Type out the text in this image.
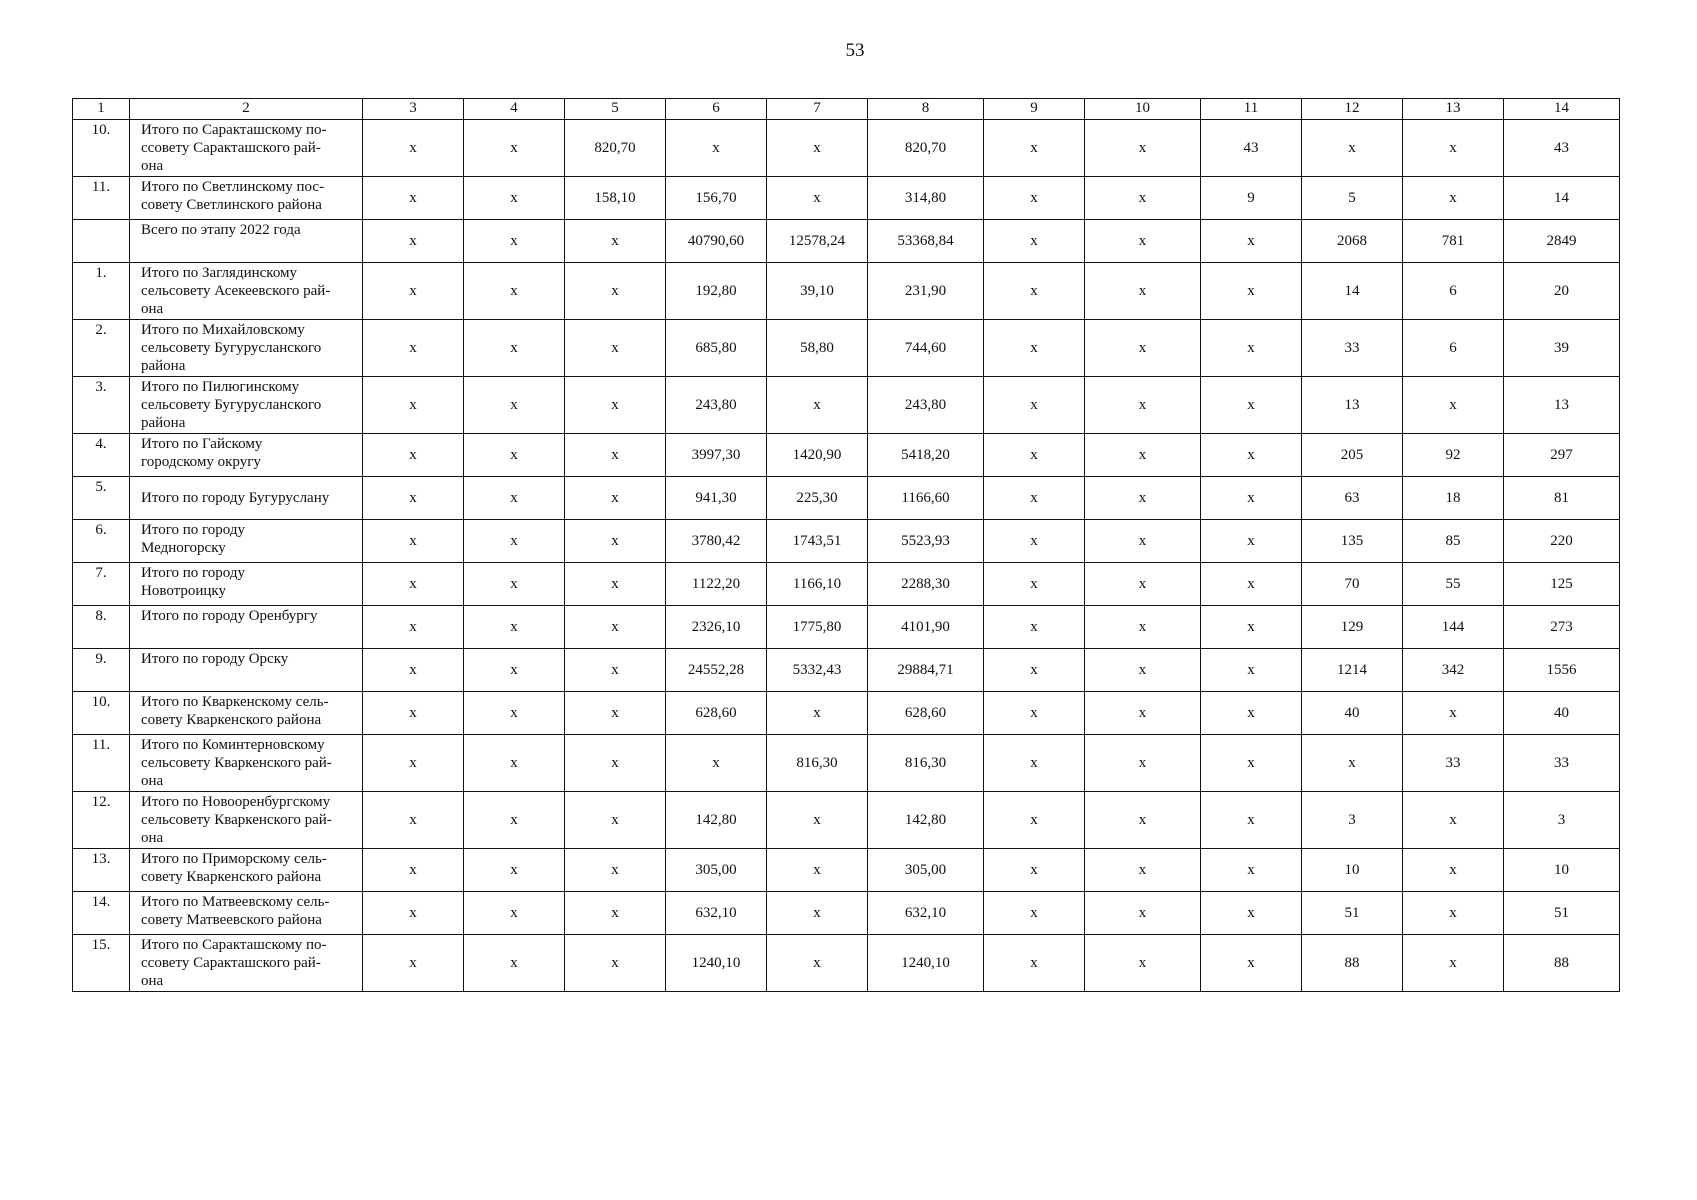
53
1	2	3	4	5	6	7	8	9	10	11	12	13	14
10.	Итого по Саракташскому по-
ссовету Саракташского рай-
она	x	x	820,70	x	x	820,70	x	x	43	x	x	43
11.	Итого по Светлинскому пос-
совету Светлинского района	x	x	158,10	156,70	x	314,80	x	x	9	5	x	14
	Всего по этапу 2022 года	x	x	x	40790,60	12578,24	53368,84	x	x	x	2068	781	2849
1.	Итого по Заглядинскому
сельсовету Асекеевского рай-
она	x	x	x	192,80	39,10	231,90	x	x	x	14	6	20
2.	Итого по Михайловскому
сельсовету Бугурусланского
района	x	x	x	685,80	58,80	744,60	x	x	x	33	6	39
3.	Итого по Пилюгинскому
сельсовету Бугурусланского
района	x	x	x	243,80	x	243,80	x	x	x	13	x	13
4.	Итого по Гайскому
городскому округу	x	x	x	3997,30	1420,90	5418,20	x	x	x	205	92	297
5.	Итого по городу Бугуруслану	x	x	x	941,30	225,30	1166,60	x	x	x	63	18	81
6.	Итого по городу
Медногорску	x	x	x	3780,42	1743,51	5523,93	x	x	x	135	85	220
7.	Итого по городу
Новотроицку	x	x	x	1122,20	1166,10	2288,30	x	x	x	70	55	125
8.	Итого по городу Оренбургу	x	x	x	2326,10	1775,80	4101,90	x	x	x	129	144	273
9.	Итого по городу Орску	x	x	x	24552,28	5332,43	29884,71	x	x	x	1214	342	1556
10.	Итого по Кваркенскому сель-
совету Кваркенского района	x	x	x	628,60	x	628,60	x	x	x	40	x	40
11.	Итого по Коминтерновскому
сельсовету Кваркенского рай-
она	x	x	x	x	816,30	816,30	x	x	x	x	33	33
12.	Итого по Новооренбургскому
сельсовету Кваркенского рай-
она	x	x	x	142,80	x	142,80	x	x	x	3	x	3
13.	Итого по Приморскому сель-
совету Кваркенского района	x	x	x	305,00	x	305,00	x	x	x	10	x	10
14.	Итого по Матвеевскому сель-
совету Матвеевского района	x	x	x	632,10	x	632,10	x	x	x	51	x	51
15.	Итого по Саракташскому по-
ссовету Саракташского рай-
она	x	x	x	1240,10	x	1240,10	x	x	x	88	x	88
